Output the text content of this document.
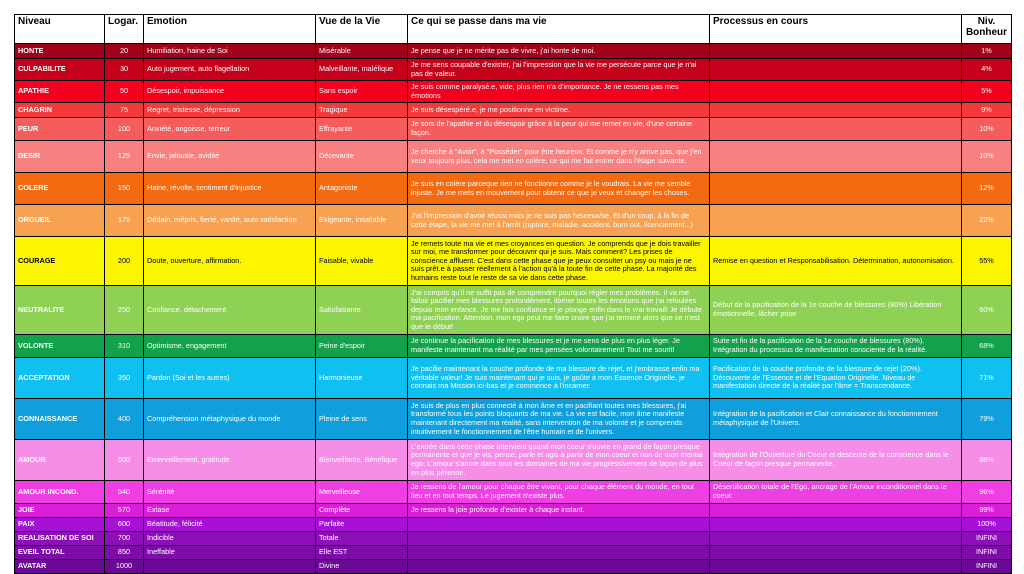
Niveau	Logar.	Emotion	Vue de la Vie	Ce qui se passe dans ma vie	Processus en cours	Niv. Bonheur
HONTE	20	Humiliation, haine de Soi	Misérable	Je pense que je ne mérite pas de vivre, j'ai honte de moi.		1%
CULPABILITE	30	Auto jugement, auto flagellation	Malveillante, maléfique	Je me sens coupable d'exister, j'ai l'impression que la vie me persécute parce que je n'ai pas de valeur.		4%
APATHIE	50	Désespoir, impuissance	Sans espoir	Je suis comme paralysé.e, vide, plus rien n'a d'importance. Je ne ressens pas mes émotions		5%
CHAGRIN	75	Regret, tristesse, dépression	Tragique	Je suis désespéré.e, je me positionne en victime.		9%
PEUR	100	Anxiété, angoisse, terreur	Effrayante	Je sors de l'apathie et du désespoir grâce à la peur qui me remet en vie, d'une certaine façon.		10%
DESIR	125	Envie, jalousie, avidité	Décevante	Je cherche à "Avoir", à "Posséder" pour être heureux. Et comme je n'y arrive pas, que j'en veux toujours plus, cela me met en colère, ce qui me fait entrer dans l'étape suivante.		10%
COLERE	150	Haine, révolte, sentiment d'injustice	Antagoniste	Je suis en colère parceque rien ne fonctionne comme je le voudrais. La vie me semble injuste. Je me mets en mouvement pour obtenir ce que je veux et changer les choses.		12%
ORGUEIL	175	Dédain, mépris, fierté, vanité, auto satisfaction	Exigeante, insatiable	J'ai l'impression d'avoir réussi mais je ne suis pas heureux/se. Et d'un coup, à la fin de cette étape, la vie me met à l'arrêt (rupture, maladie, accident, burn out, licenciement...)		22%
COURAGE	200	Doute, ouverture, affirmation.	Faisable, vivable	Je remets toute ma vie et mes croyances en question. Je comprends que je dois travailler sur moi, me transformer pour découvrir qui je suis. Mais comment? Les prises de conscience affluent. C'est dans cette phase que je peux consulter un psy ou mais je ne suis prêt.e à passer réellement à l'action qu'à la toute fin de cette phase. La majorité des humains reste tout le reste de sa vie dans cette phase.	Remise en question et Responsabilisation. Détermination, autonomisation.	55%
NEUTRALITE	250	Confiance, détachement	Satisfaisante	J'ai compris qu'il ne suffit pas de comprendre pourquoi régler mes problèmes. Il va me falloir pacifier mes blessures profondément, libérer toutes les émotions que j'ai refoulées depuis mon enfance. Je me fais confiance et je plonge enfin dans le vrai travail! Je débute ma pacification. Attention, mon ego peut me faire croire que j'ai terminé alors que ce n'est que le début!	Début de la pacification de la 1e couche de blessures (80%) Libération émotionnelle, lâcher prise	60%
VOLONTE	310	Optimisme, engagement	Peine d'espoir	Je continue la pacification de mes blessures et je me sens de plus en plus léger. Je manifeste maintenant ma réalité par mes pensées volontairement! Tout me sourit!	Suite et fin de la pacification de la 1e couche de blessures (80%). Intégration du processus de manifestation consciente de la réalité.	68%
ACCEPTATION	350	Pardon (Soi et les autres)	Harmonieuse	Je pacifie maintenant la couche profonde de ma blessure de rejet, et j'embrasse enfin ma véritable valeur! Je suis maintenant qui je suis, je goûte à mon Essence Originelle, je connais ma Mission ici-bas et je commence à l'incarner.	Pacification de la couche profonde de la blessure de rejet (20%). Découverte de l'Essence et de l'Equation Originelle. Niveau de manifestation directe de la réalité par l'âme = Transcendance.	71%
CONNAISSANCE	400	Compréhension métaphysique du monde	Pleine de sens	Je suis de plus en plus connecté à mon âme et en pacifiant toutes mes blessures, j'ai transformé tous les points bloquants de ma vie. La vie est facile, mon âme manifeste maintenant directement ma réalité, sans intervention de ma volonté et je comprends intuitivement le fonctionnement de l'être humain et de l'univers.	Intégration de la pacification et Clair connaissance du fonctionnement métaphysique de l'Univers.	79%
AMOUR	500	Emerveillement, gratitude	Bienveillante, Bénéfique	L'entrée dans cette phase intervient quand mon coeur s'ouvre en grand de façon presque permanente et que je vis, pense, parle et agis à partir de mon coeur et non de mon mental ego. L'amour s'ancre dans tous les domaines de ma vie progressivement de façon de plus en plus pérenne.	Intégration de l'Ouverture du Coeur et descente de la conscience dans le Coeur de façon presque permanente.	88%
AMOUR INCOND.	540	Sérénité	Merveilleuse	Je ressens de l'amour pour chaque être vivant, pour chaque élément du monde, en tout lieu et en tout temps. Le jugement n'existe plus.	Désertification totale de l'Ego, ancrage de l'Amour inconditionnel dans le coeur.	96%
JOIE	570	Extase	Complète	Je ressens la joie profonde d'exister à chaque instant.		99%
PAIX	600	Béatitude, félicité	Parfaite			100%
REALISATION DE SOI	700	Indicible	Totale			INFINI
EVEIL TOTAL	850	Ineffable	Elle EST			INFINI
AVATAR	1000		Divine			INFINI
